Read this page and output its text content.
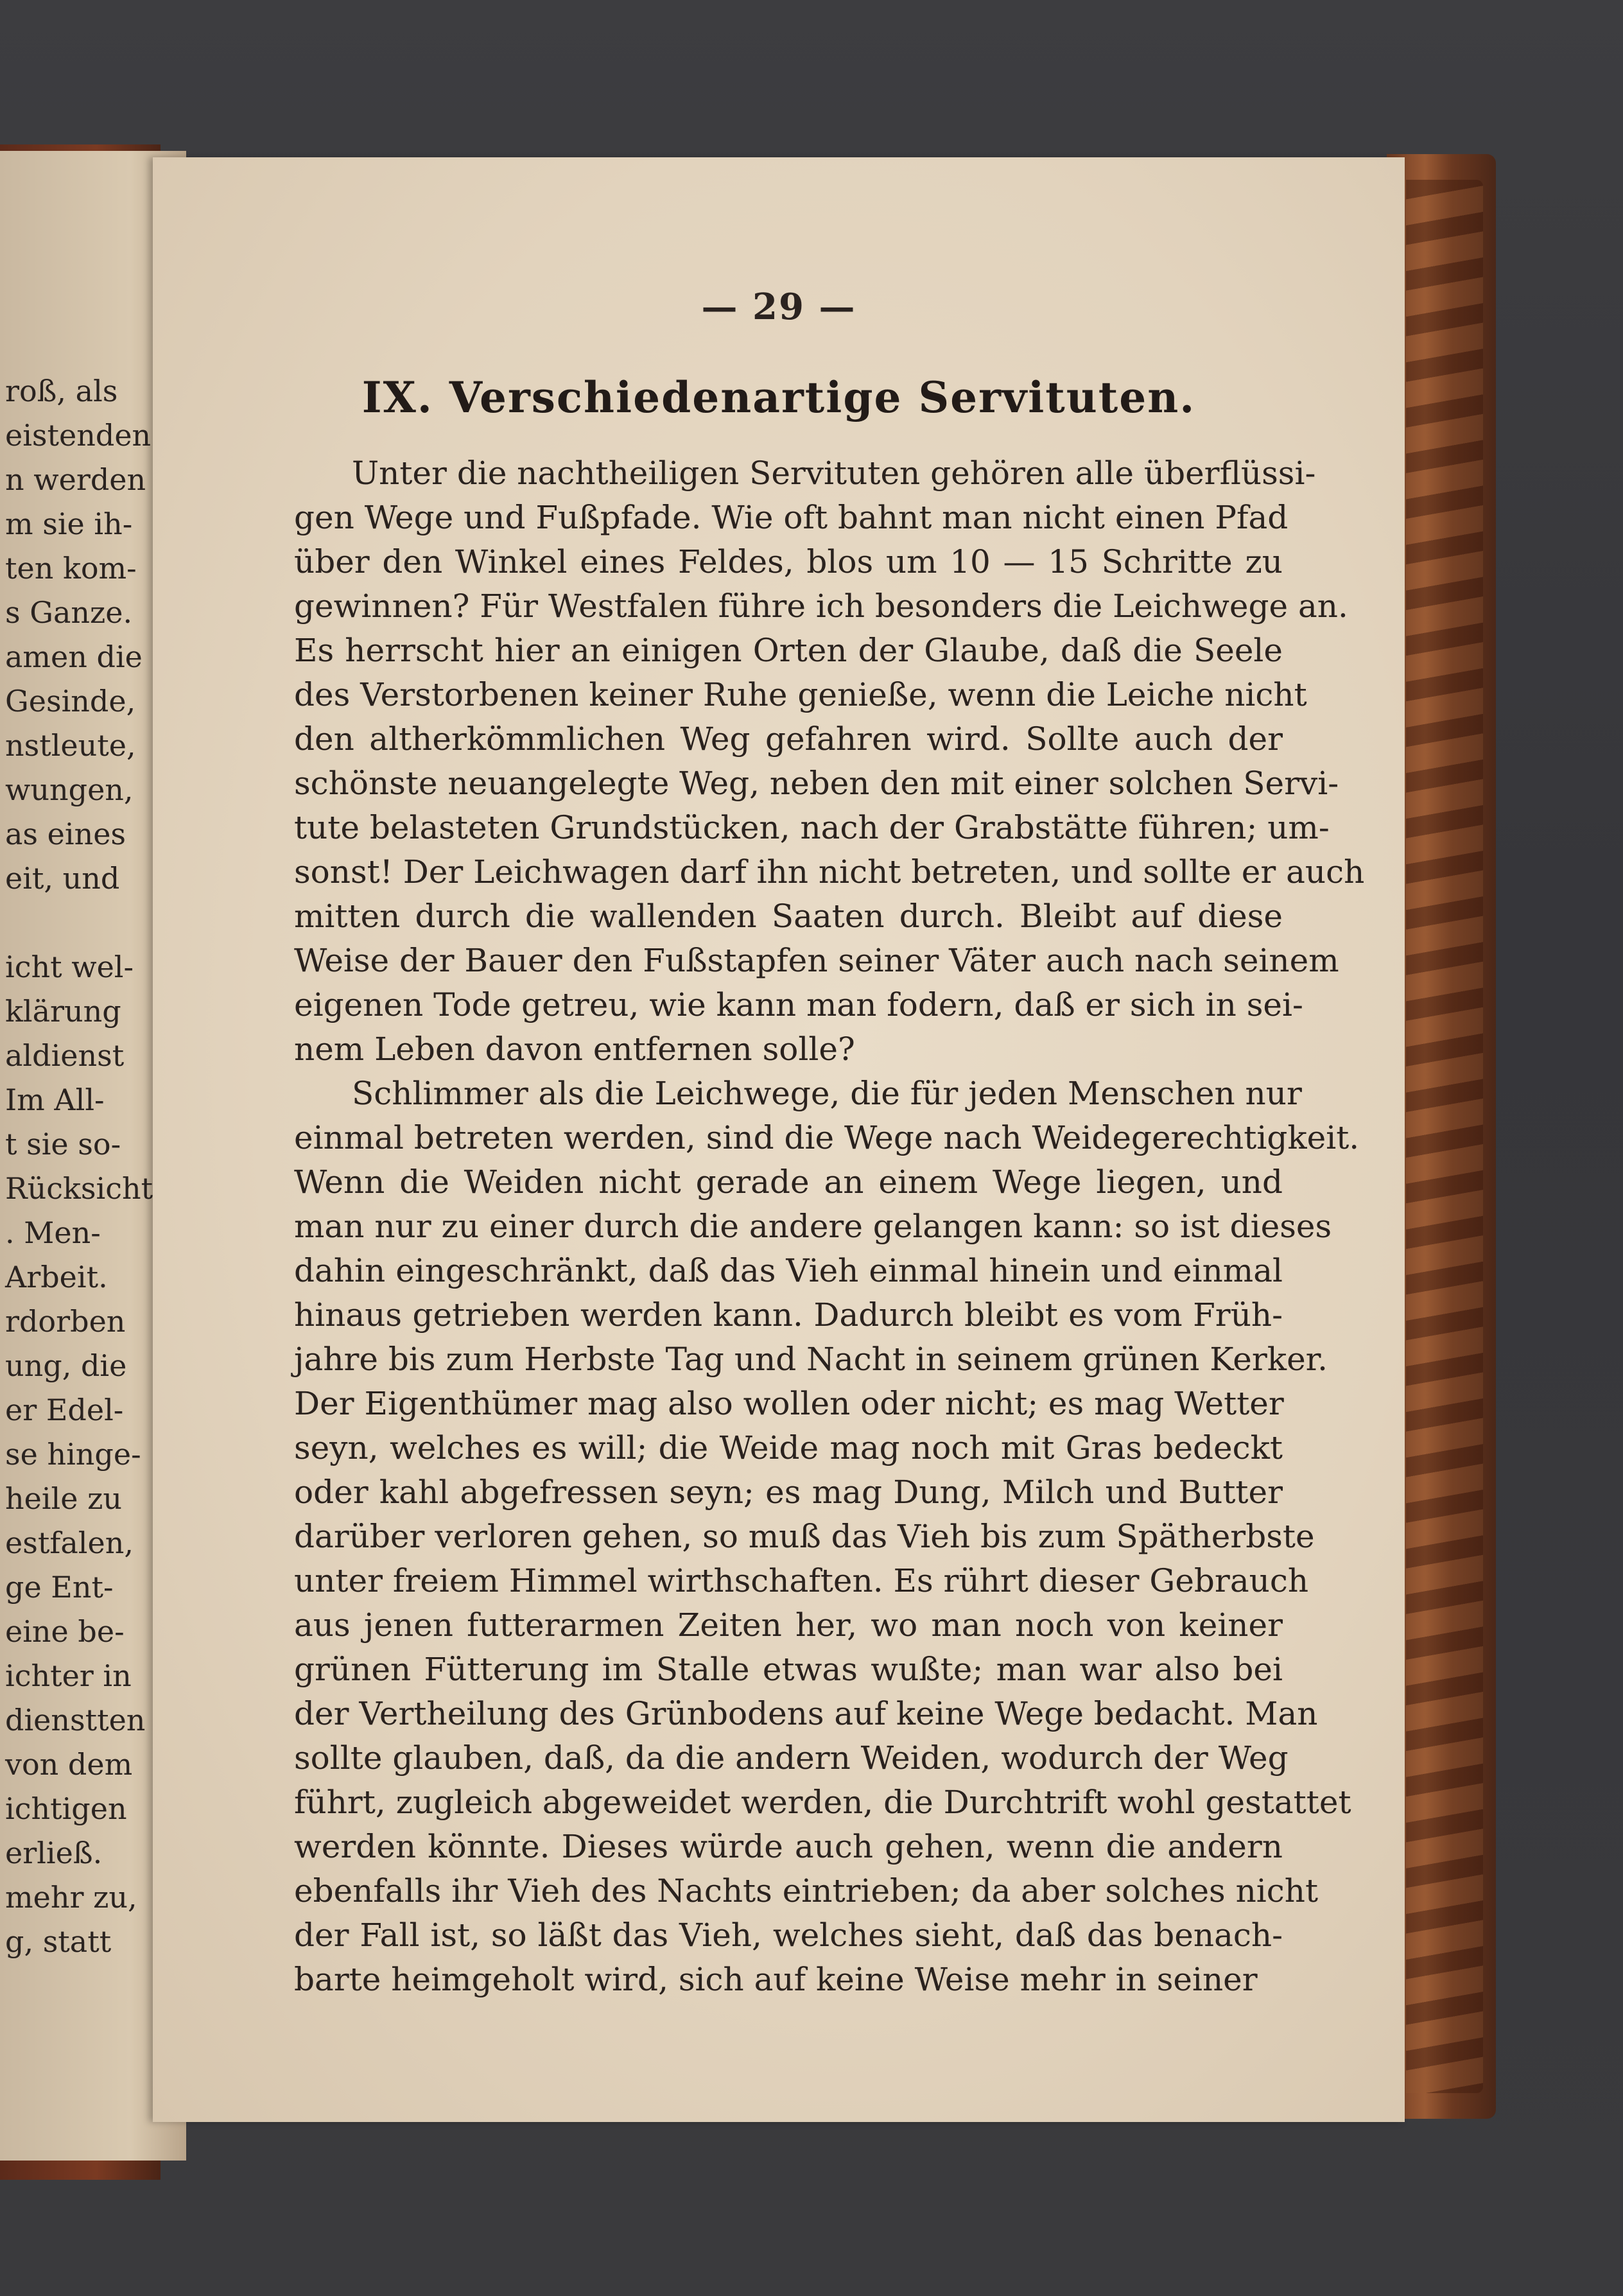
roß, als
eistenden
n werden
m sie ih-
ten kom-
s Ganze.
amen die
Gesinde,
nstleute,
wungen,
as eines
eit, und
icht wel-
klärung
aldienst
Im All-
t sie so-
Rücksicht
. Men-
Arbeit.
rdorben
ung, die
er Edel-
se hinge-
heile zu
estfalen,
ge Ent-
eine be-
ichter in
dienstten
von dem
ichtigen
erließ.
mehr zu,
g, statt
— 29 —
IX. Verschiedenartige Servituten.
Unter die nachtheiligen Servituten gehören alle überflüssi-
gen Wege und Fußpfade. Wie oft bahnt man nicht einen Pfad
über den Winkel eines Feldes, blos um 10 — 15 Schritte zu
gewinnen? Für Westfalen führe ich besonders die Leichwege an.
Es herrscht hier an einigen Orten der Glaube, daß die Seele
des Verstorbenen keiner Ruhe genieße, wenn die Leiche nicht
den altherkömmlichen Weg gefahren wird. Sollte auch der
schönste neuangelegte Weg, neben den mit einer solchen Servi-
tute belasteten Grundstücken, nach der Grabstätte führen; um-
sonst! Der Leichwagen darf ihn nicht betreten, und sollte er auch
mitten durch die wallenden Saaten durch. Bleibt auf diese
Weise der Bauer den Fußstapfen seiner Väter auch nach seinem
eigenen Tode getreu, wie kann man fodern, daß er sich in sei-
nem Leben davon entfernen solle?
Schlimmer als die Leichwege, die für jeden Menschen nur
einmal betreten werden, sind die Wege nach Weidegerechtigkeit.
Wenn die Weiden nicht gerade an einem Wege liegen, und
man nur zu einer durch die andere gelangen kann: so ist dieses
dahin eingeschränkt, daß das Vieh einmal hinein und einmal
hinaus getrieben werden kann. Dadurch bleibt es vom Früh-
jahre bis zum Herbste Tag und Nacht in seinem grünen Kerker.
Der Eigenthümer mag also wollen oder nicht; es mag Wetter
seyn, welches es will; die Weide mag noch mit Gras bedeckt
oder kahl abgefressen seyn; es mag Dung, Milch und Butter
darüber verloren gehen, so muß das Vieh bis zum Spätherbste
unter freiem Himmel wirthschaften. Es rührt dieser Gebrauch
aus jenen futterarmen Zeiten her, wo man noch von keiner
grünen Fütterung im Stalle etwas wußte; man war also bei
der Vertheilung des Grünbodens auf keine Wege bedacht. Man
sollte glauben, daß, da die andern Weiden, wodurch der Weg
führt, zugleich abgeweidet werden, die Durchtrift wohl gestattet
werden könnte. Dieses würde auch gehen, wenn die andern
ebenfalls ihr Vieh des Nachts eintrieben; da aber solches nicht
der Fall ist, so läßt das Vieh, welches sieht, daß das benach-
barte heimgeholt wird, sich auf keine Weise mehr in seiner
